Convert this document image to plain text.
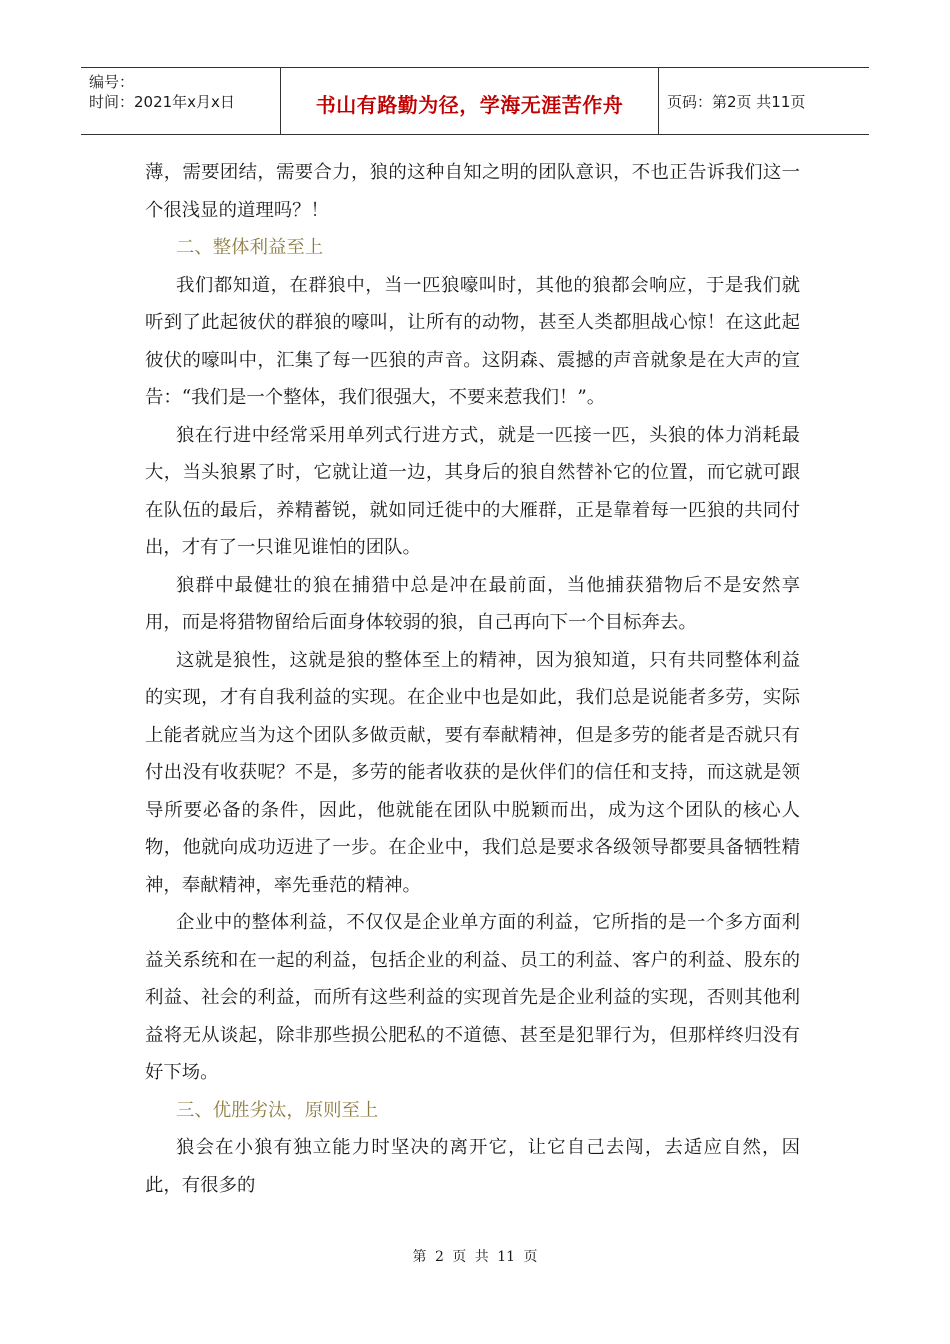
编号：
时间：2021年x月x日	书山有路勤为径，学海无涯苦作舟	页码：第2页 共11页

薄，需要团结，需要合力，狼的这种自知之明的团队意识，不也正告诉我们这一个很浅显的道理吗？！

二、整体利益至上

我们都知道，在群狼中，当一匹狼嚎叫时，其他的狼都会响应，于是我们就听到了此起彼伏的群狼的嚎叫，让所有的动物，甚至人类都胆战心惊！在这此起彼伏的嚎叫中，汇集了每一匹狼的声音。这阴森、震撼的声音就象是在大声的宣告：“我们是一个整体，我们很强大，不要来惹我们！”。

狼在行进中经常采用单列式行进方式，就是一匹接一匹，头狼的体力消耗最大，当头狼累了时，它就让道一边，其身后的狼自然替补它的位置，而它就可跟在队伍的最后，养精蓄锐，就如同迁徙中的大雁群，正是靠着每一匹狼的共同付出，才有了一只谁见谁怕的团队。

狼群中最健壮的狼在捕猎中总是冲在最前面，当他捕获猎物后不是安然享用，而是将猎物留给后面身体较弱的狼，自己再向下一个目标奔去。

这就是狼性，这就是狼的整体至上的精神，因为狼知道，只有共同整体利益的实现，才有自我利益的实现。在企业中也是如此，我们总是说能者多劳，实际上能者就应当为这个团队多做贡献，要有奉献精神，但是多劳的能者是否就只有付出没有收获呢？不是，多劳的能者收获的是伙伴们的信任和支持，而这就是领导所要必备的条件，因此，他就能在团队中脱颖而出，成为这个团队的核心人物，他就向成功迈进了一步。在企业中，我们总是要求各级领导都要具备牺牲精神，奉献精神，率先垂范的精神。

企业中的整体利益，不仅仅是企业单方面的利益，它所指的是一个多方面利益关系统和在一起的利益，包括企业的利益、员工的利益、客户的利益、股东的利益、社会的利益，而所有这些利益的实现首先是企业利益的实现，否则其他利益将无从谈起，除非那些损公肥私的不道德、甚至是犯罪行为，但那样终归没有好下场。

三、优胜劣汰，原则至上

狼会在小狼有独立能力时坚决的离开它，让它自己去闯，去适应自然，因此，有很多的

第 2 页 共 11 页
